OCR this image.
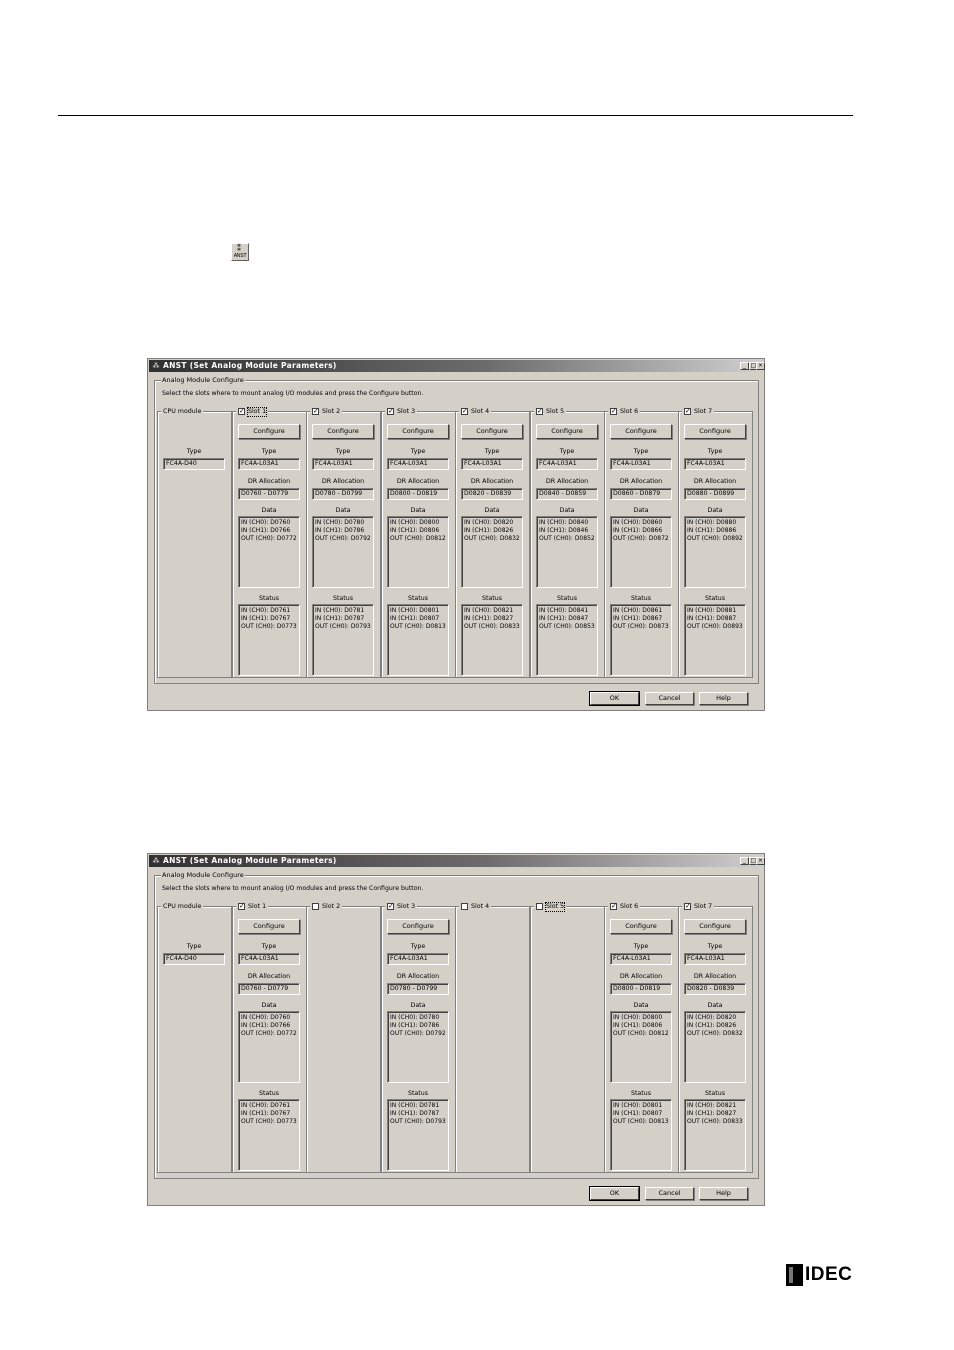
⁑
ANST
⁂ ANST (Set Analog Module Parameters)	_ □ ×
Analog Module Configure
Select the slots where to mount analog I/O modules and press the Configure button.
CPU module
Type
FC4A-D40
✓ Slot 1
Configure
Type
FC4A-L03A1
DR Allocation
D0760 - D0779
Data
IN (CH0): D0760
IN (CH1): D0766
OUT (CH0): D0772
Status
IN (CH0): D0761
IN (CH1): D0767
OUT (CH0): D0773
✓ Slot 2
Configure
Type
FC4A-L03A1
DR Allocation
D0780 - D0799
Data
IN (CH0): D0780
IN (CH1): D0786
OUT (CH0): D0792
Status
IN (CH0): D0781
IN (CH1): D0787
OUT (CH0): D0793
✓ Slot 3
Configure
Type
FC4A-L03A1
DR Allocation
D0800 - D0819
Data
IN (CH0): D0800
IN (CH1): D0806
OUT (CH0): D0812
Status
IN (CH0): D0801
IN (CH1): D0807
OUT (CH0): D0813
✓ Slot 4
Configure
Type
FC4A-L03A1
DR Allocation
D0820 - D0839
Data
IN (CH0): D0820
IN (CH1): D0826
OUT (CH0): D0832
Status
IN (CH0): D0821
IN (CH1): D0827
OUT (CH0): D0833
✓ Slot 5
Configure
Type
FC4A-L03A1
DR Allocation
D0840 - D0859
Data
IN (CH0): D0840
IN (CH1): D0846
OUT (CH0): D0852
Status
IN (CH0): D0841
IN (CH1): D0847
OUT (CH0): D0853
✓ Slot 6
Configure
Type
FC4A-L03A1
DR Allocation
D0860 - D0879
Data
IN (CH0): D0860
IN (CH1): D0866
OUT (CH0): D0872
Status
IN (CH0): D0861
IN (CH1): D0867
OUT (CH0): D0873
✓ Slot 7
Configure
Type
FC4A-L03A1
DR Allocation
D0880 - D0899
Data
IN (CH0): D0880
IN (CH1): D0886
OUT (CH0): D0892
Status
IN (CH0): D0881
IN (CH1): D0887
OUT (CH0): D0893
OK	Cancel	Help
⁂ ANST (Set Analog Module Parameters)	_ □ ×
Analog Module Configure
Select the slots where to mount analog I/O modules and press the Configure button.
CPU module
Type
FC4A-D40
✓ Slot 1
Configure
Type
FC4A-L03A1
DR Allocation
D0760 - D0779
Data
IN (CH0): D0760
IN (CH1): D0766
OUT (CH0): D0772
Status
IN (CH0): D0761
IN (CH1): D0767
OUT (CH0): D0773
Slot 2	✓ Slot 3
Configure
Type
FC4A-L03A1
DR Allocation
D0780 - D0799
Data
IN (CH0): D0780
IN (CH1): D0786
OUT (CH0): D0792
Status
IN (CH0): D0781
IN (CH1): D0787
OUT (CH0): D0793
Slot 4	Slot 5	✓ Slot 6
Configure
Type
FC4A-L03A1
DR Allocation
D0800 - D0819
Data
IN (CH0): D0800
IN (CH1): D0806
OUT (CH0): D0812
Status
IN (CH0): D0801
IN (CH1): D0807
OUT (CH0): D0813
✓ Slot 7
Configure
Type
FC4A-L03A1
DR Allocation
D0820 - D0839
Data
IN (CH0): D0820
IN (CH1): D0826
OUT (CH0): D0832
Status
IN (CH0): D0821
IN (CH1): D0827
OUT (CH0): D0833
OK	Cancel	Help
IDEC
